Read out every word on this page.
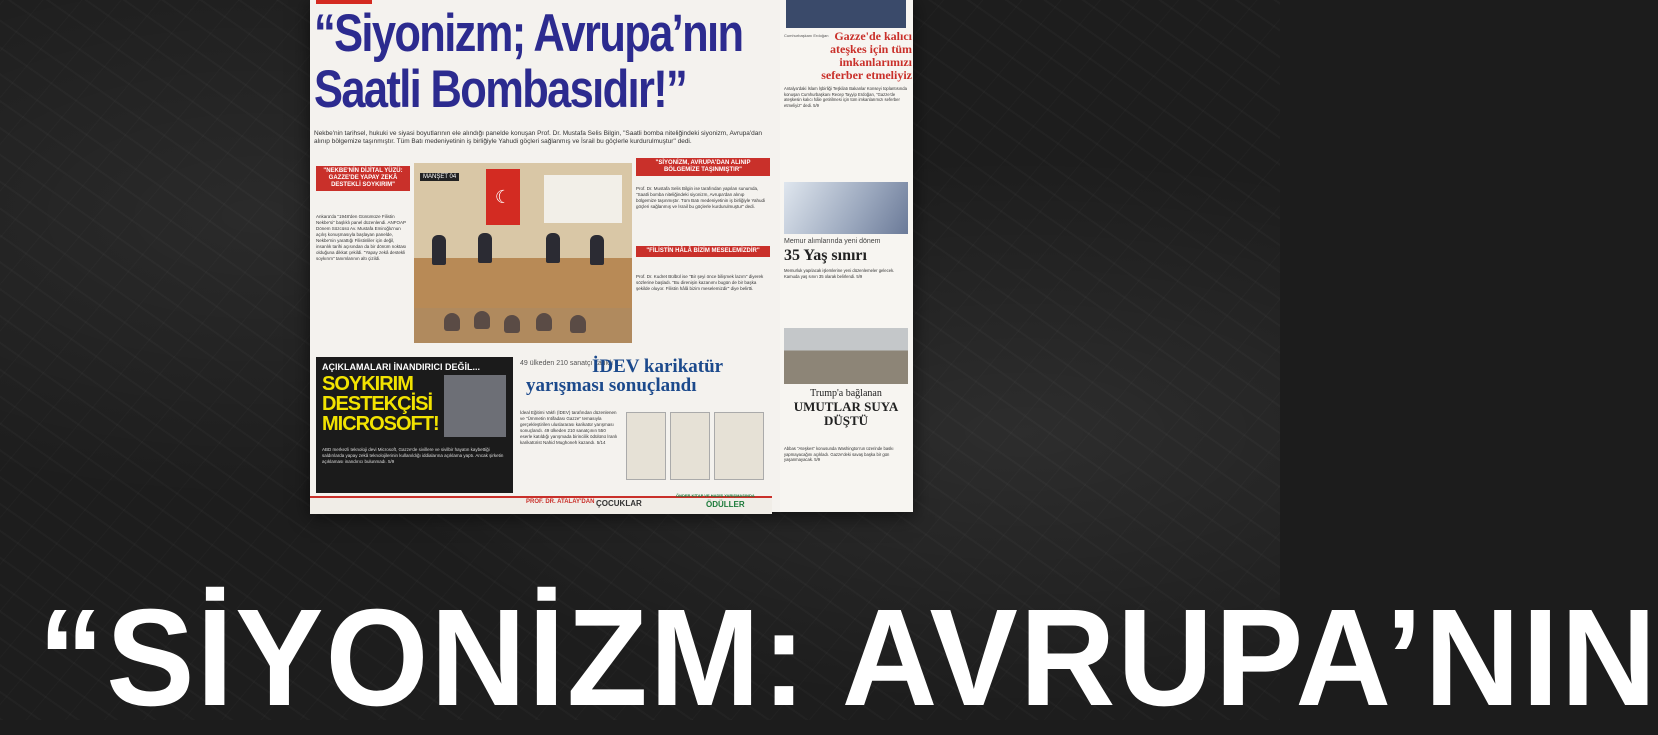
“Siyonizm; Avrupa’nın
Saatli Bombasıdır!”
Nekbe'nin tarihsel, hukuki ve siyasi boyutlarının ele alındığı panelde konuşan Prof. Dr. Mustafa Selis Bilgin, "Saatli bomba niteliğindeki siyonizm, Avrupa'dan alınıp bölgemize taşınmıştır. Tüm Batı medeniyetinin iş birliğiyle Yahudi göçleri sağlanmış ve İsrail bu göçlerle kurdurulmuştur" dedi.
"NEKBE'NİN DİJİTAL YÜZÜ: GAZZE'DE YAPAY ZEKÂ DESTEKLİ SOYKIRIM"
Ankara'da "1948'den Günümüze Filistin Nekbe'si" başlıklı panel düzenlendi. ANFOAP Dönem Sözcüsü Av. Mustafa Emiroğlu'nun açılış konuşmasıyla başlayan panelde, Nekbe'nin yarattığı Filistinliler için değil, insanlık tarihi açısından da bir dönüm noktası olduğuna dikkat çekildi. "Yapay zekâ destekli soykırım" tanımlarının altı çizildi.
☾
MANŞET 04
"SİYONİZM, AVRUPA'DAN ALINIP BÖLGEMİZE TAŞINMIŞTIR"
Prof. Dr. Mustafa Selis Bilgin ise tarafından yapılan sunumda, "Saatli bomba niteliğindeki siyonizm, Avrupa'dan alınıp bölgemize taşınmıştır. Tüm Batı medeniyetinin iş birliğiyle Yahudi göçleri sağlanmış ve İsrail bu göçlerle kurdurulmuştur" dedi.
"FİLİSTİN HÂLÂ BİZİM MESELEMİZDİR"
Prof. Dr. Kudret Bülbül ise "Bir şeyi önce bilişmek lazım" diyerek sözlerine başladı. "Bu direnişin kazanımı bugün de bir başka şekilde oluyor. Filistin hâlâ bizim meselemizdir" diye belirtti.
AÇIKLAMALARI İNANDIRICI DEĞİL...
SOYKIRIM DESTEKÇİSİ MICROSOFT!
ABD merkezli teknoloji devi Microsoft, Gazze'de sivillere ve sivilbir hayatın kaybettiği saldırılarda yapay zekâ teknolojilerinin kullanıldığı iddialarına açıklama yaptı. Ancak şirketin açıklaması inandırıcı bulunmadı. 5/9
49 ülkeden 210 sanatçı katıldı
İDEV karikatür
yarışması sonuçlandı
İdeal Eğitimi Vakfı (İDEV) tarafından düzenlenen ve "Ümmetin Intifadası Gazze" temasıyla gerçekleştirilen uluslararası karikatür yarışması sonuçlandı. 49 ülkeden 210 sanatçının 550 eserle katıldığı yarışmada birincilik ödülünü İranlı karikatürist Nahid Mughoneh kazandı. 5/14
PROF. DR. ATALAY'DAN ÇOCUKLAR
ÖNDER KİTAP VE HADİS YARIŞMASINDA
ÖDÜLLER
Cumhurbaşkanı Erdoğan Gazze'de kalıcı ateşkes için tüm imkanlarımızı seferber etmeliyiz
Antalya'daki İslam İşbirliği Teşkilatı Bakanlar Konseyi toplantısında konuşan Cumhurbaşkanı Recep Tayyip Erdoğan, "Gazze'de ateşkesin kalıcı hâle getirilmesi için tüm imkanlarımızı seferber etmeliyiz" dedi. 5/9
Memur alımlarında yeni dönem
35 Yaş sınırı
Memurluk yapılacak işlemlerine yeni düzenlemeler gelecek. Kamuda yaş sınırı 35 olarak belirlendi. 5/9
Trump'a bağlanan
UMUTLAR SUYA DÜŞTÜ
Abbas "Ateşkes" konusunda Washington'un üzerinde baskı yapmayacağını açıkladı. Gazze'deki savaş başka bir gün yaşanmayacak. 5/9
“SİYONİZM: AVRUPA’NIN
